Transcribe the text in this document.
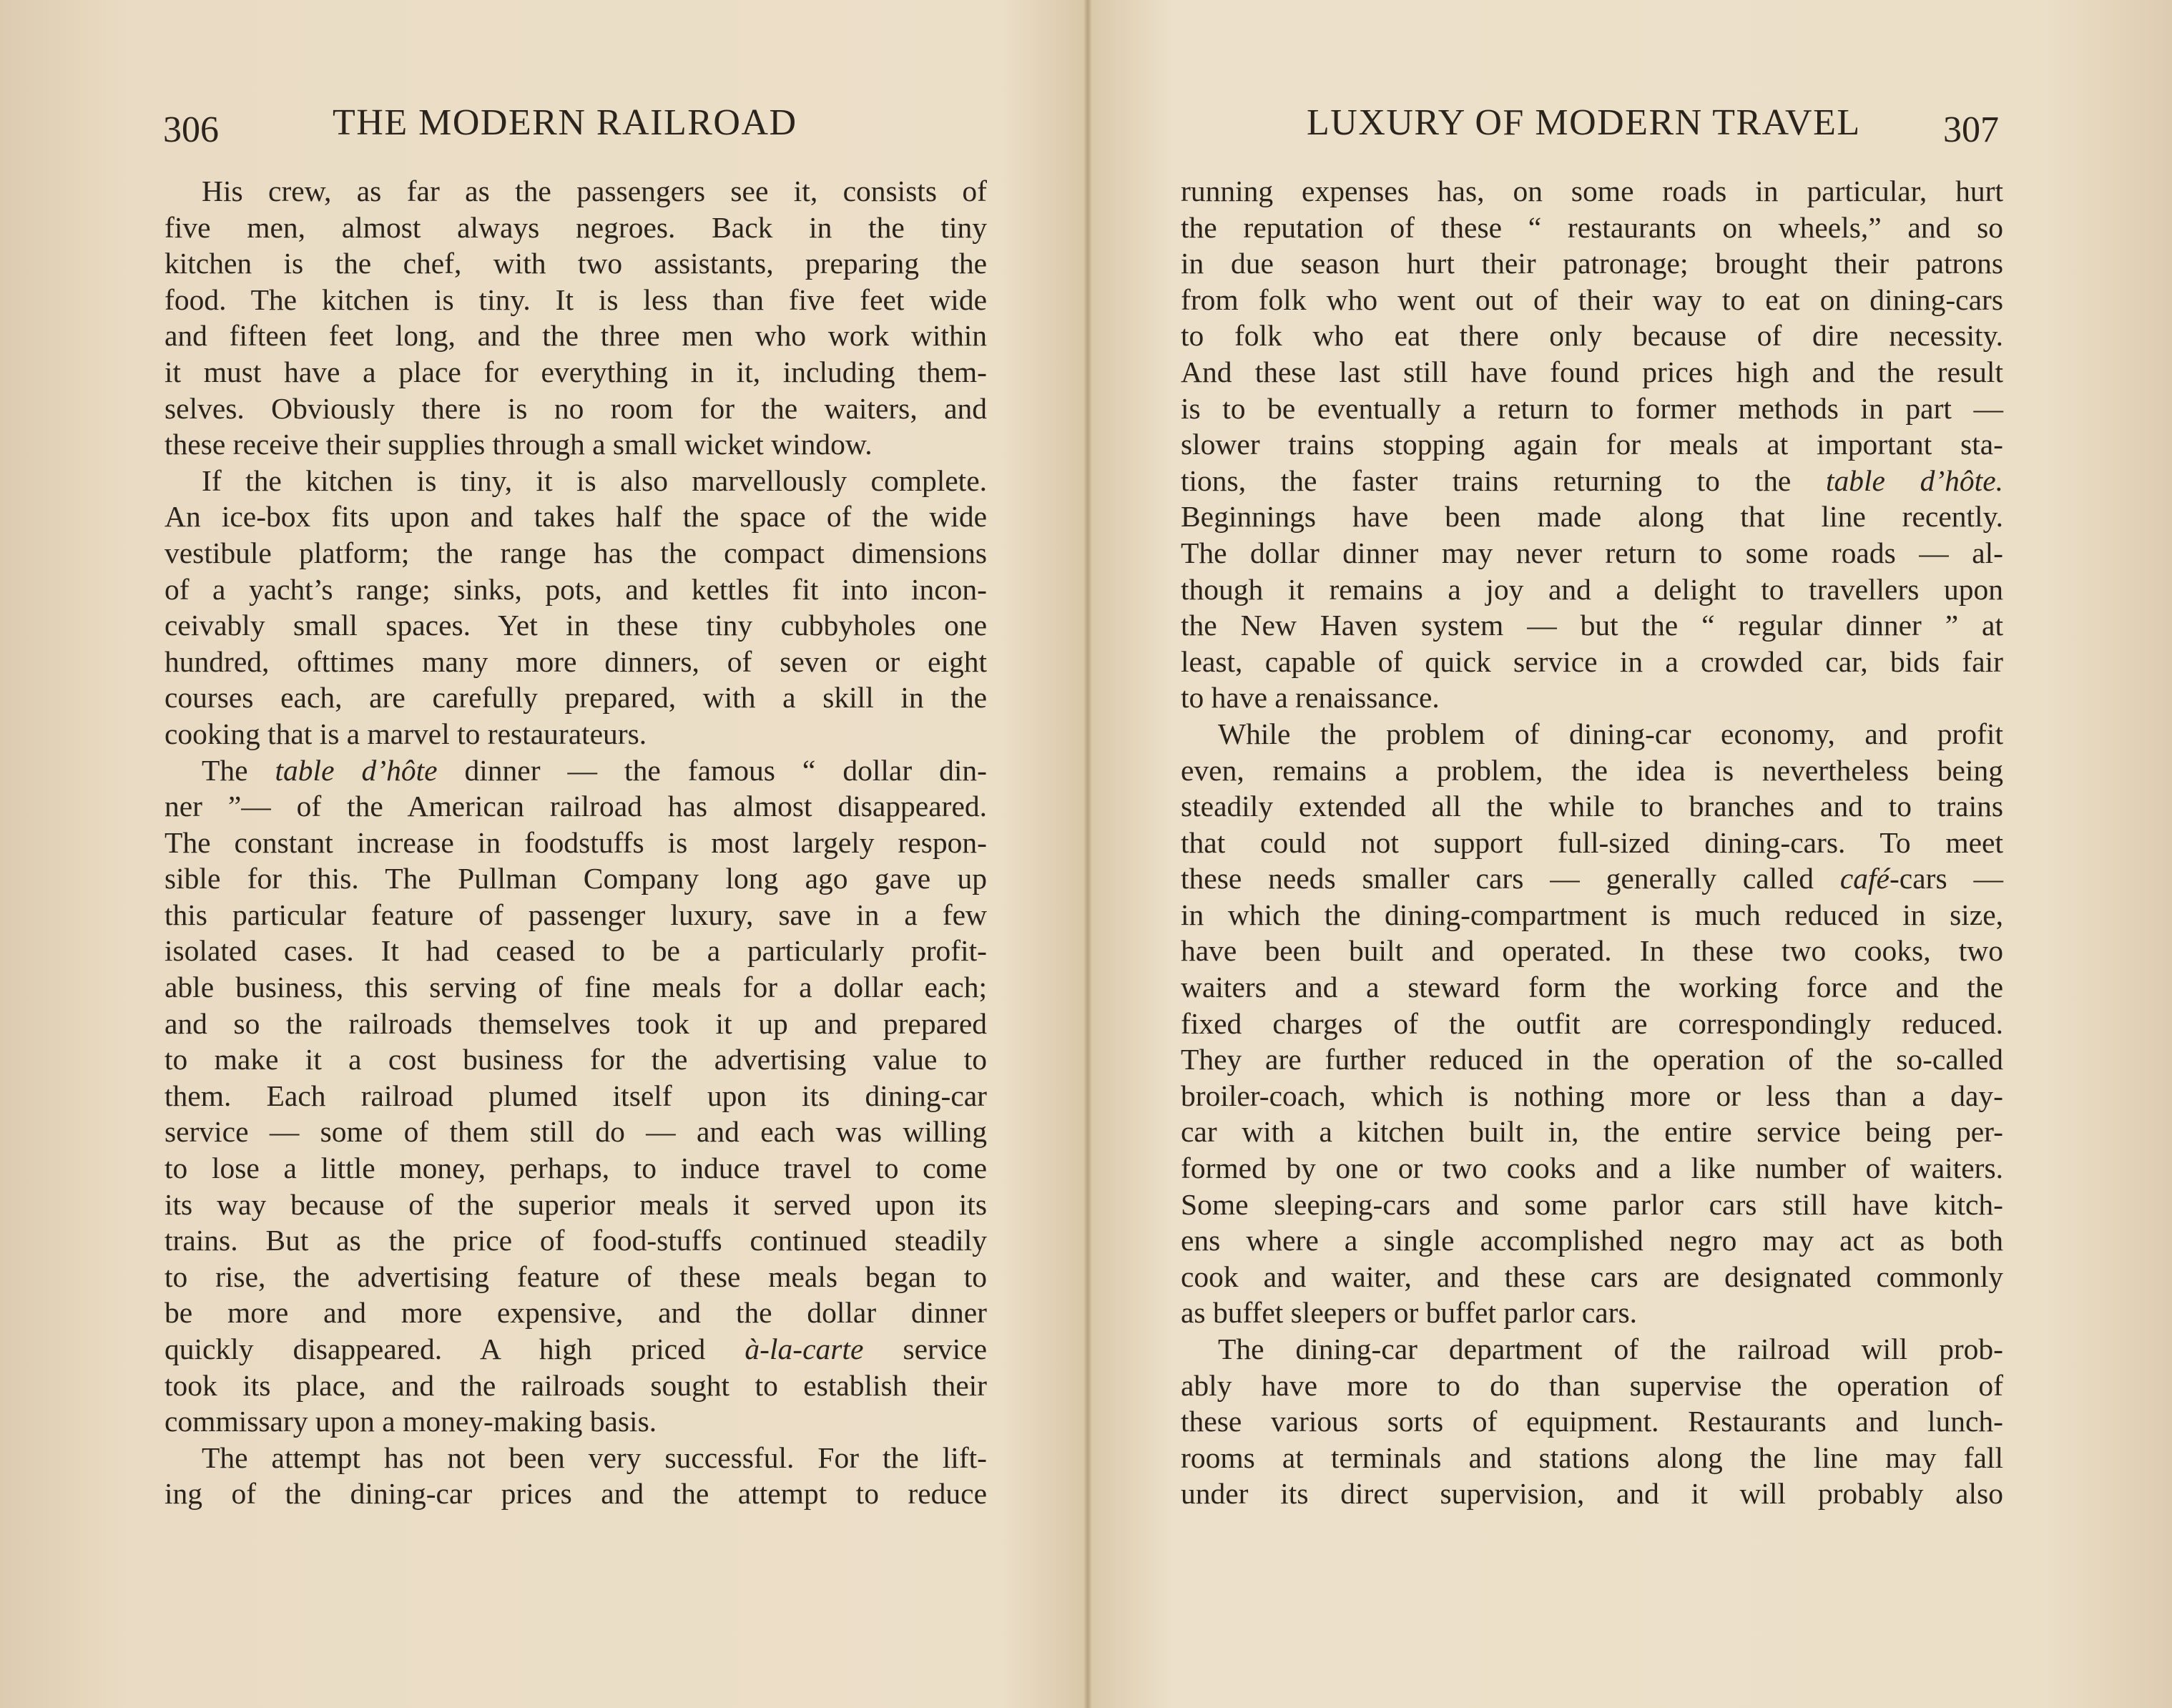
306	THE MODERN RAILROAD
His crew, as far as the passengers see it, consists of
five men, almost always negroes. Back in the tiny
kitchen is the chef, with two assistants, preparing the
food. The kitchen is tiny. It is less than five feet wide
and fifteen feet long, and the three men who work within
it must have a place for everything in it, including them-
selves. Obviously there is no room for the waiters, and
these receive their supplies through a small wicket window.
If the kitchen is tiny, it is also marvellously complete.
An ice-box fits upon and takes half the space of the wide
vestibule platform; the range has the compact dimensions
of a yacht’s range; sinks, pots, and kettles fit into incon-
ceivably small spaces. Yet in these tiny cubbyholes one
hundred, ofttimes many more dinners, of seven or eight
courses each, are carefully prepared, with a skill in the
cooking that is a marvel to restaurateurs.
The table d’hôte dinner — the famous “ dollar din-
ner ”— of the American railroad has almost disappeared.
The constant increase in foodstuffs is most largely respon-
sible for this. The Pullman Company long ago gave up
this particular feature of passenger luxury, save in a few
isolated cases. It had ceased to be a particularly profit-
able business, this serving of fine meals for a dollar each;
and so the railroads themselves took it up and prepared
to make it a cost business for the advertising value to
them. Each railroad plumed itself upon its dining-car
service — some of them still do — and each was willing
to lose a little money, perhaps, to induce travel to come
its way because of the superior meals it served upon its
trains. But as the price of food-stuffs continued steadily
to rise, the advertising feature of these meals began to
be more and more expensive, and the dollar dinner
quickly disappeared. A high priced à-la-carte service
took its place, and the railroads sought to establish their
commissary upon a money-making basis.
The attempt has not been very successful. For the lift-
ing of the dining-car prices and the attempt to reduce
LUXURY OF MODERN TRAVEL 307
running expenses has, on some roads in particular, hurt
the reputation of these “ restaurants on wheels,” and so
in due season hurt their patronage; brought their patrons
from folk who went out of their way to eat on dining-cars
to folk who eat there only because of dire necessity.
And these last still have found prices high and the result
is to be eventually a return to former methods in part —
slower trains stopping again for meals at important sta-
tions, the faster trains returning to the table d’hôte.
Beginnings have been made along that line recently.
The dollar dinner may never return to some roads — al-
though it remains a joy and a delight to travellers upon
the New Haven system — but the “ regular dinner ” at
least, capable of quick service in a crowded car, bids fair
to have a renaissance.
While the problem of dining-car economy, and profit
even, remains a problem, the idea is nevertheless being
steadily extended all the while to branches and to trains
that could not support full-sized dining-cars. To meet
these needs smaller cars — generally called café-cars —
in which the dining-compartment is much reduced in size,
have been built and operated. In these two cooks, two
waiters and a steward form the working force and the
fixed charges of the outfit are correspondingly reduced.
They are further reduced in the operation of the so-called
broiler-coach, which is nothing more or less than a day-
car with a kitchen built in, the entire service being per-
formed by one or two cooks and a like number of waiters.
Some sleeping-cars and some parlor cars still have kitch-
ens where a single accomplished negro may act as both
cook and waiter, and these cars are designated commonly
as buffet sleepers or buffet parlor cars.
The dining-car department of the railroad will prob-
ably have more to do than supervise the operation of
these various sorts of equipment. Restaurants and lunch-
rooms at terminals and stations along the line may fall
under its direct supervision, and it will probably also
